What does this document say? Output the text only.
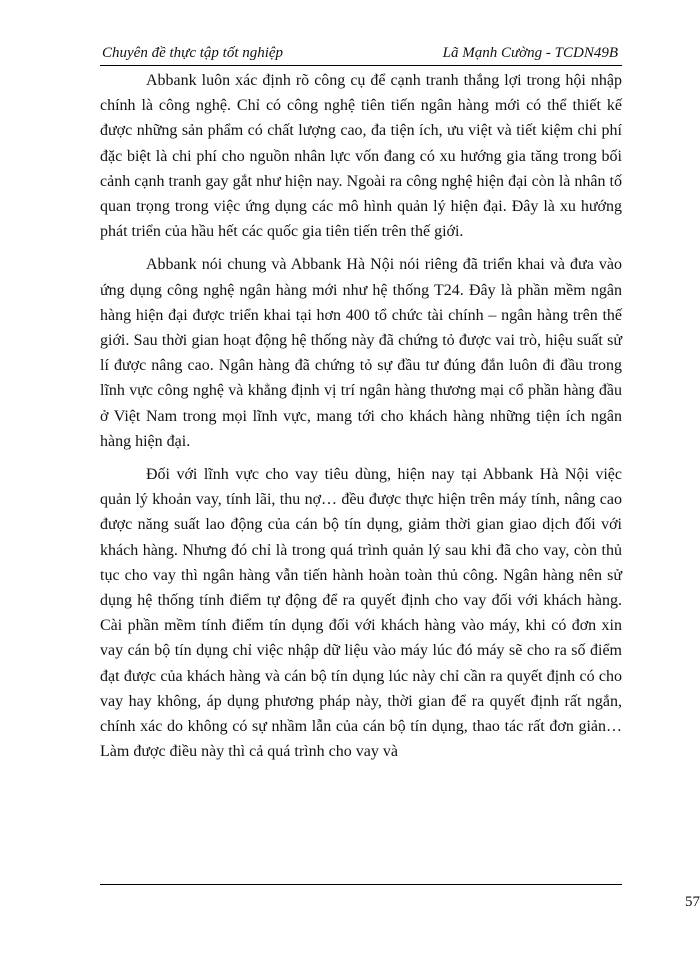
Chuyên đề thực tập tốt nghiệp	Lã Mạnh Cường - TCDN49B

Abbank luôn xác định rõ công cụ để cạnh tranh thắng lợi trong hội nhập chính là công nghệ. Chỉ có công nghệ tiên tiến ngân hàng mới có thể thiết kế được những sản phẩm có chất lượng cao, đa tiện ích, ưu việt và tiết kiệm chi phí đặc biệt là chi phí cho nguồn nhân lực vốn đang có xu hướng gia tăng trong bối cảnh cạnh tranh gay gắt như hiện nay. Ngoài ra công nghệ hiện đại còn là nhân tố quan trọng trong việc ứng dụng các mô hình quản lý hiện đại. Đây là xu hướng phát triển của hầu hết các quốc gia tiên tiến trên thế giới.

Abbank nói chung và Abbank Hà Nội nói riêng đã triển khai và đưa vào ứng dụng công nghệ ngân hàng mới như hệ thống T24. Đây là phần mềm ngân hàng hiện đại được triển khai tại hơn 400 tổ chức tài chính – ngân hàng trên thế giới. Sau thời gian hoạt động hệ thống này đã chứng tỏ được vai trò, hiệu suất sử lí được nâng cao. Ngân hàng đã chứng tỏ sự đầu tư đúng đắn luôn đi đầu trong lĩnh vực công nghệ và khẳng định vị trí ngân hàng thương mại cổ phần hàng đầu ở Việt Nam trong mọi lĩnh vực, mang tới cho khách hàng những tiện ích ngân hàng hiện đại.

Đối với lĩnh vực cho vay tiêu dùng, hiện nay tại Abbank Hà Nội việc quản lý khoản vay, tính lãi, thu nợ… đều được thực hiện trên máy tính, nâng cao được năng suất lao động của cán bộ tín dụng, giảm thời gian giao dịch đối với khách hàng. Nhưng đó chỉ là trong quá trình quản lý sau khi đã cho vay, còn thủ tục cho vay thì ngân hàng vẫn tiến hành hoàn toàn thủ công. Ngân hàng nên sử dụng hệ thống tính điểm tự động để ra quyết định cho vay đối với khách hàng. Cài phần mềm tính điểm tín dụng đối với khách hàng vào máy, khi có đơn xin vay cán bộ tín dụng chỉ việc nhập dữ liệu vào máy lúc đó máy sẽ cho ra số điểm đạt được của khách hàng và cán bộ tín dụng lúc này chỉ cần ra quyết định có cho vay hay không, áp dụng phương pháp này, thời gian để ra quyết định rất ngắn, chính xác do không có sự nhầm lẫn của cán bộ tín dụng, thao tác rất đơn giản… Làm được điều này thì cả quá trình cho vay và

57
